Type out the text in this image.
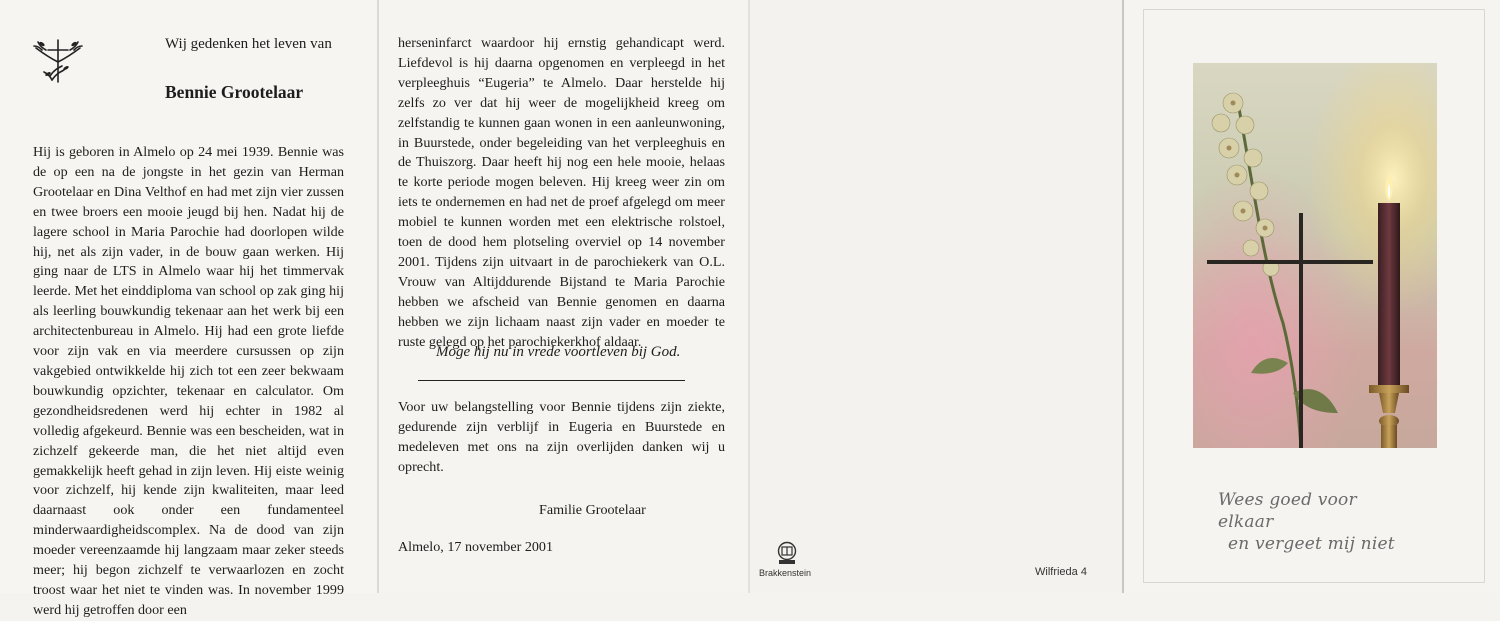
Wij gedenken het leven van
Bennie Grootelaar

Hij is geboren in Almelo op 24 mei 1939. Bennie was de op een na de jongste in het gezin van Herman Grootelaar en Dina Velthof en had met zijn vier zussen en twee broers een mooie jeugd bij hen. Nadat hij de lagere school in Maria Parochie had doorlopen wilde hij, net als zijn vader, in de bouw gaan werken. Hij ging naar de LTS in Almelo waar hij het timmervak leerde. Met het einddiploma van school op zak ging hij als leerling bouwkundig tekenaar aan het werk bij een architectenbureau in Almelo. Hij had een grote liefde voor zijn vak en via meerdere cursussen op zijn vakgebied ontwikkelde hij zich tot een zeer bekwaam bouwkundig opzichter, tekenaar en calculator. Om gezondheidsredenen werd hij echter in 1982 al volledig afgekeurd. Bennie was een bescheiden, wat in zichzelf gekeerde man, die het niet altijd even gemakkelijk heeft gehad in zijn leven. Hij eiste weinig voor zichzelf, hij kende zijn kwaliteiten, maar leed daarnaast ook onder een fundamenteel minderwaardigheidscomplex. Na de dood van zijn moeder vereenzaamde hij langzaam maar zeker steeds meer; hij begon zichzelf te verwaarlozen en zocht troost waar het niet te vinden was. In november 1999 werd hij getroffen door een

herseninfarct waardoor hij ernstig gehandicapt werd. Liefdevol is hij daarna opgenomen en verpleegd in het verpleeghuis “Eugeria” te Almelo. Daar herstelde hij zelfs zo ver dat hij weer de mogelijkheid kreeg om zelfstandig te kunnen gaan wonen in een aanleunwoning, in Buurstede, onder begeleiding van het verpleeghuis en de Thuiszorg. Daar heeft hij nog een hele mooie, helaas te korte periode mogen beleven. Hij kreeg weer zin om iets te ondernemen en had net de proef afgelegd om meer mobiel te kunnen worden met een elektrische rolstoel, toen de dood hem plotseling overviel op 14 november 2001. Tijdens zijn uitvaart in de parochiekerk van O.L. Vrouw van Altijddurende Bijstand te Maria Parochie hebben we afscheid van Bennie genomen en daarna hebben we zijn lichaam naast zijn vader en moeder te ruste gelegd op het parochiekerkhof aldaar.

Moge hij nu in vrede voortleven bij God.

Voor uw belangstelling voor Bennie tijdens zijn ziekte, gedurende zijn verblijf in Eugeria en Buurstede en medeleven met ons na zijn overlijden danken wij u oprecht.

Familie Grootelaar
Almelo, 17 november 2001
Brakkenstein	Wilfrieda 4
Wees goed voor elkaar
en vergeet mij niet
